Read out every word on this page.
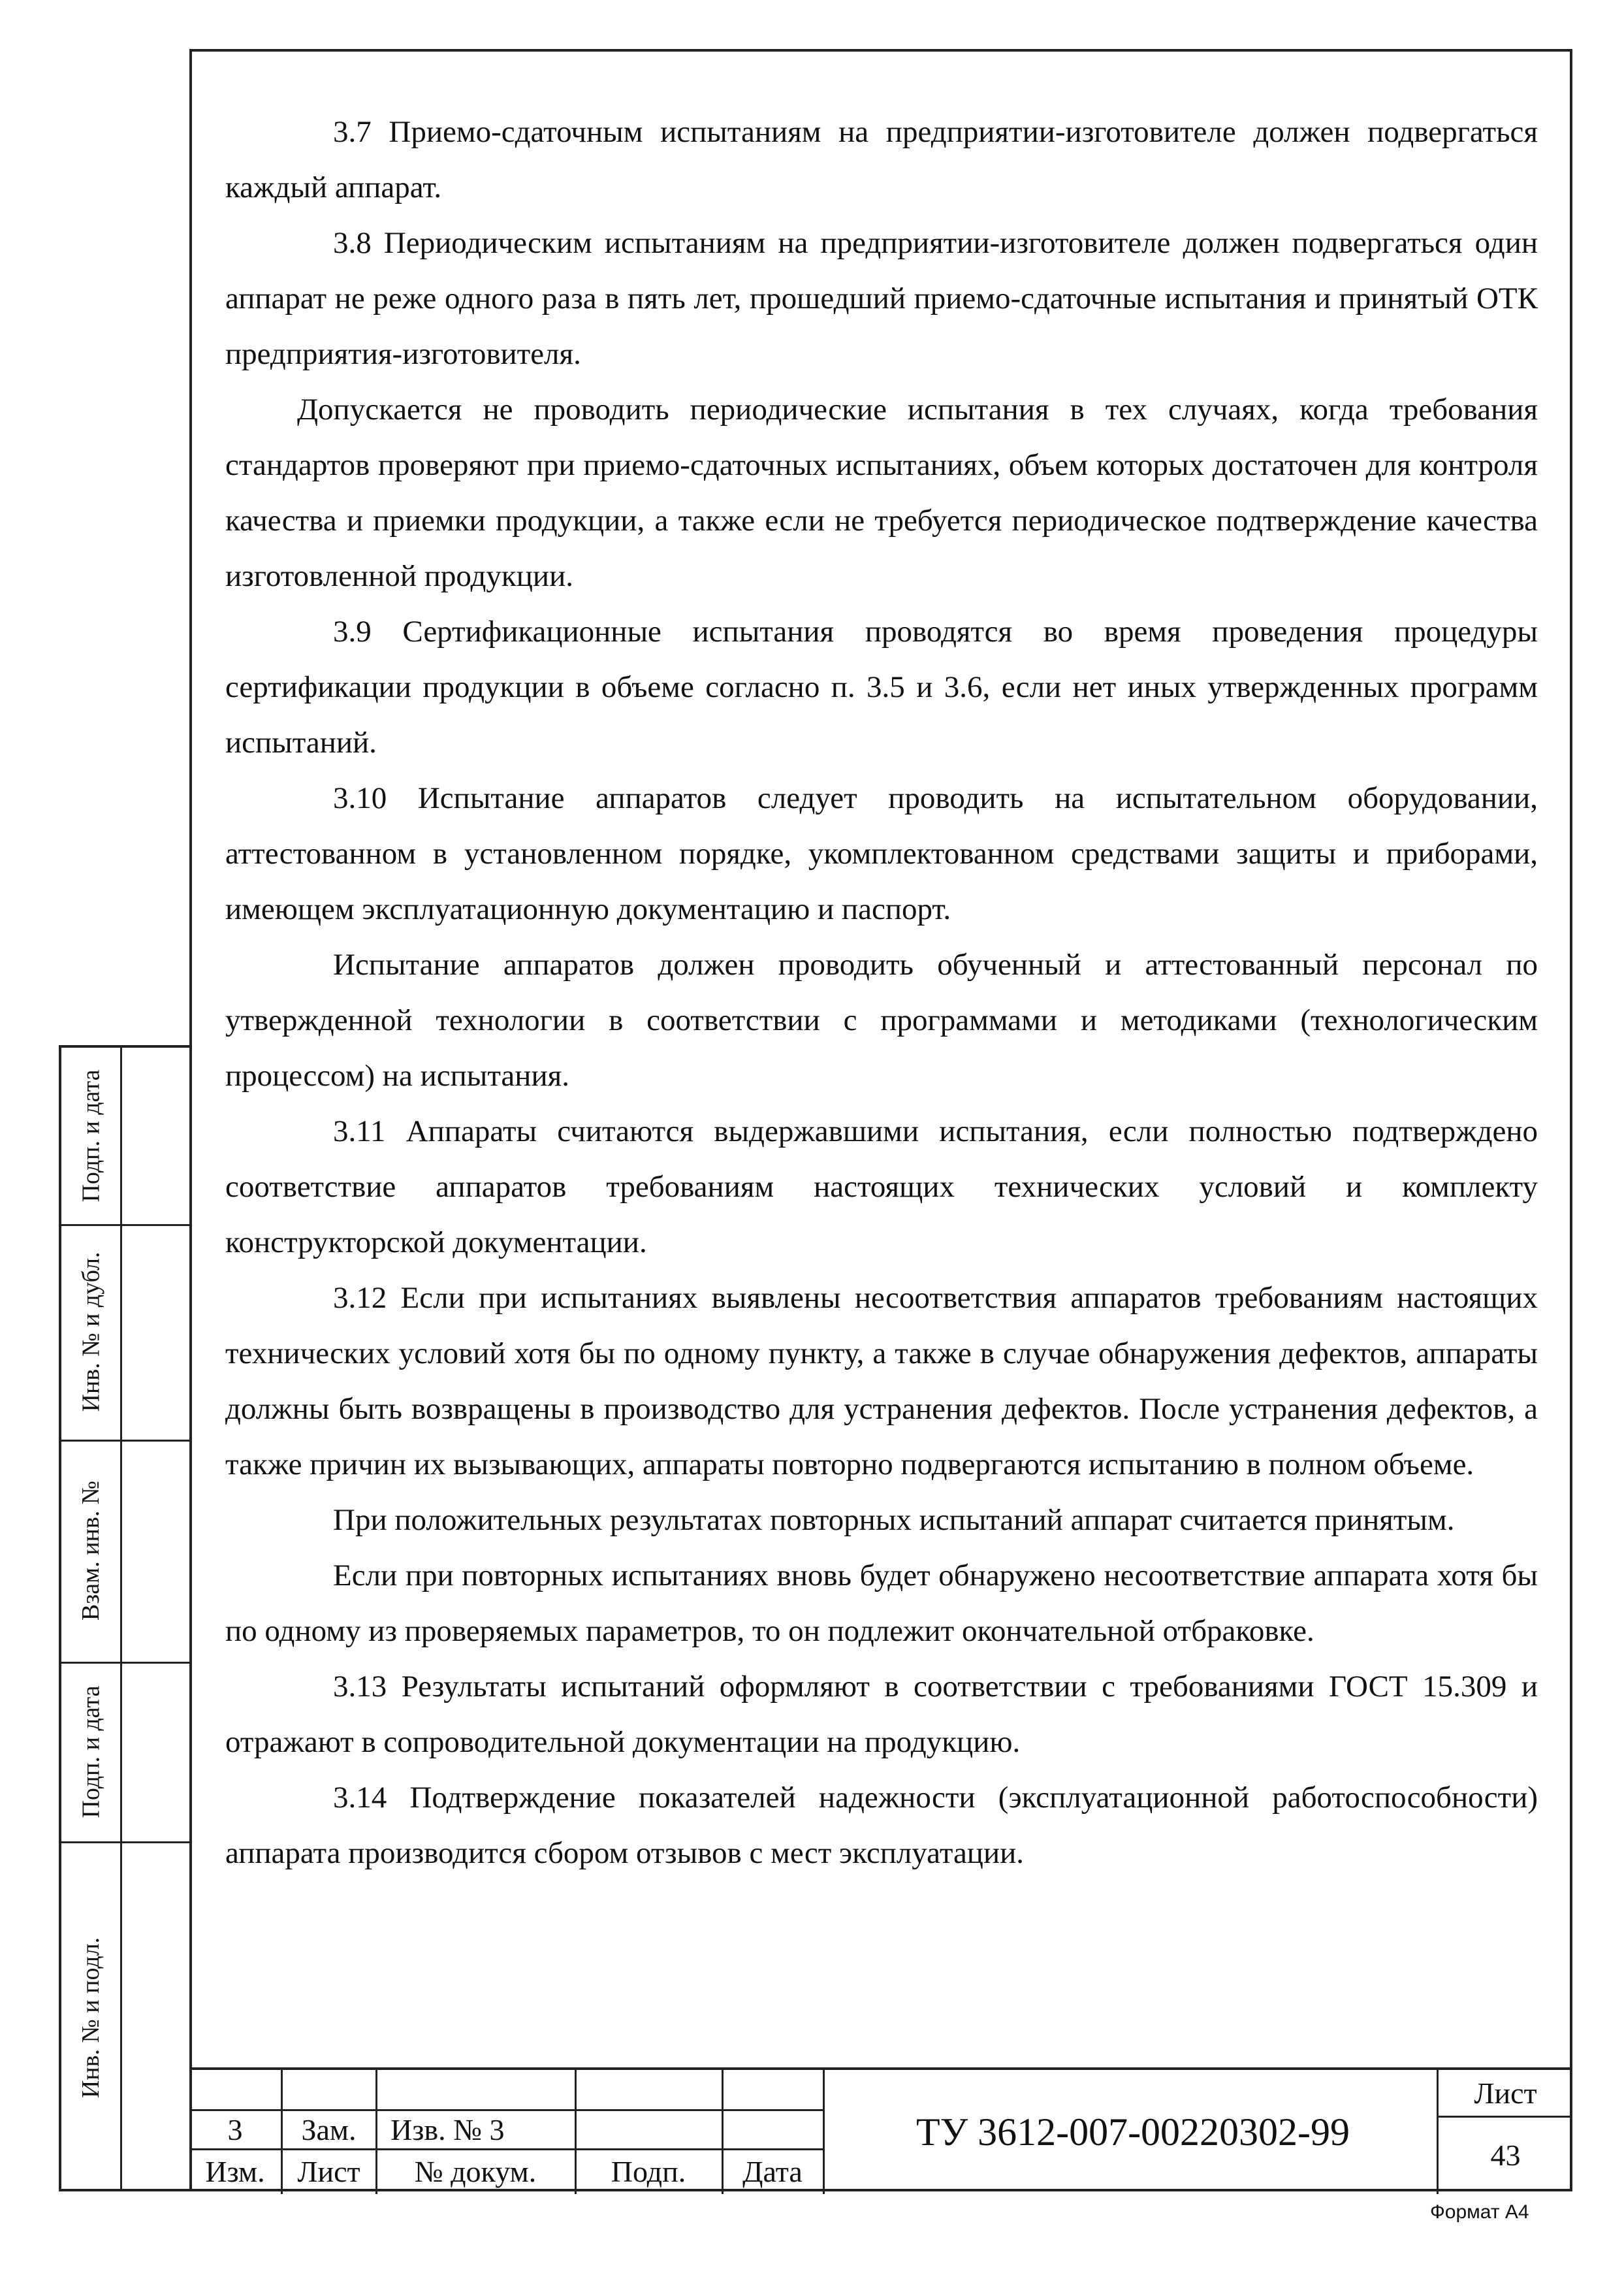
3.7 Приемо-сдаточным испытаниям на предприятии-изготовителе должен подвергаться каждый аппарат.

3.8 Периодическим испытаниям на предприятии-изготовителе должен подвергаться один аппарат не реже одного раза в пять лет, прошедший приемо-сдаточные испытания и принятый ОТК предприятия-изготовителя.

Допускается не проводить периодические испытания в тех случаях, когда требования стандартов проверяют при приемо-сдаточных испытаниях, объем которых достаточен для контроля качества и приемки продукции, а также если не требуется периодическое подтверждение качества изготовленной продукции.

3.9 Сертификационные испытания проводятся во время проведения процедуры сертификации продукции в объеме согласно п. 3.5 и 3.6, если нет иных утвержденных программ испытаний.

3.10 Испытание аппаратов следует проводить на испытательном оборудовании, аттестованном в установленном порядке, укомплектованном средствами защиты и приборами, имеющем эксплуатационную документацию и паспорт.

Испытание аппаратов должен проводить обученный и аттестованный персонал по утвержденной технологии в соответствии с программами и методиками (технологическим процессом) на испытания.

3.11 Аппараты считаются выдержавшими испытания, если полностью подтверждено соответствие аппаратов требованиям настоящих технических условий и комплекту конструкторской документации.

3.12 Если при испытаниях выявлены несоответствия аппаратов требованиям настоящих технических условий хотя бы по одному пункту, а также в случае обнаружения дефектов, аппараты должны быть возвращены в производство для устранения дефектов. После устранения дефектов, а также причин их вызывающих, аппараты повторно подвергаются испытанию в полном объеме.

При положительных результатах повторных испытаний аппарат считается принятым.

Если при повторных испытаниях вновь будет обнаружено несоответствие аппарата хотя бы по одному из проверяемых параметров, то он подлежит окончательной отбраковке.

3.13 Результаты испытаний оформляют в соответствии с требованиями ГОСТ 15.309 и отражают в сопроводительной документации на продукцию.

3.14 Подтверждение показателей надежности (эксплуатационной работоспособности) аппарата производится сбором отзывов с мест эксплуатации.

Подп. и дата
Инв. № и дубл.
Взам. инв. №
Подп. и дата
Инв. № и подл.
3	Зам.	Изв. № 3
Изм.	Лист	№ докум.	Подп.	Дата
ТУ 3612-007-00220302-99
Лист
43
Формат А4
